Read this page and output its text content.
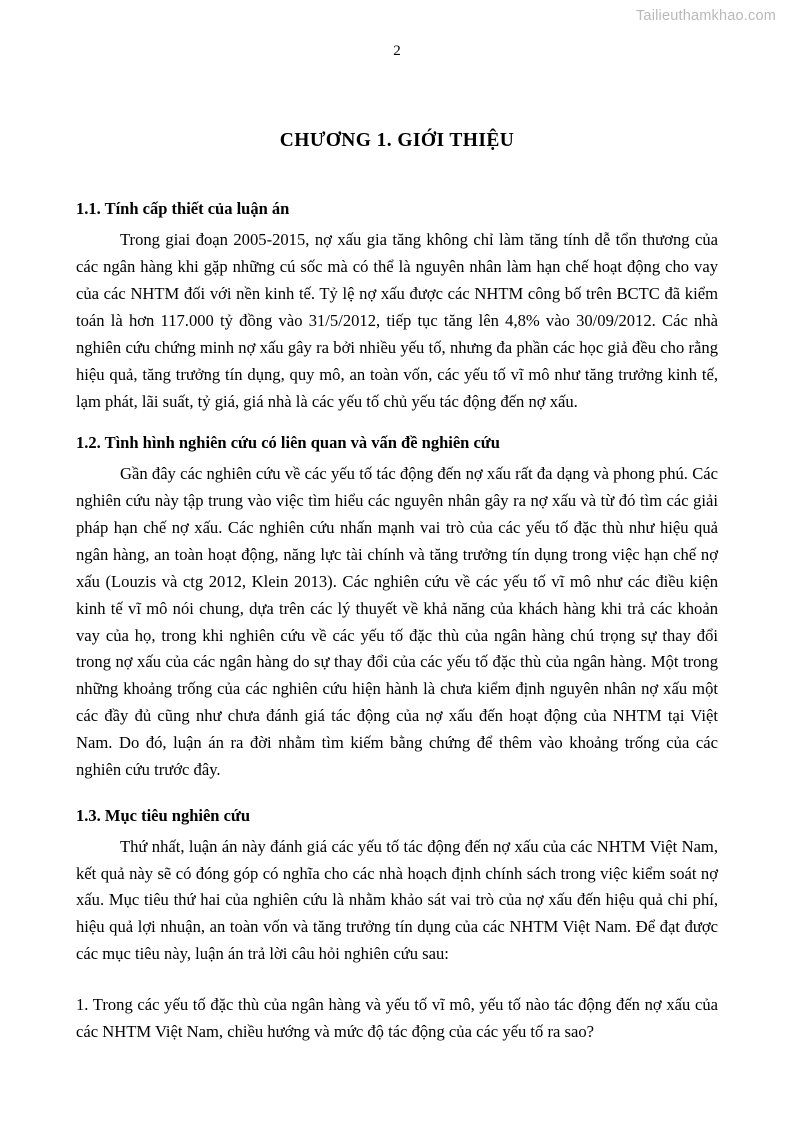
Tailieuthamkhao.com
2
CHƯƠNG 1. GIỚI THIỆU
1.1. Tính cấp thiết của luận án

Trong giai đoạn 2005-2015, nợ xấu gia tăng không chỉ làm tăng tính dễ tổn thương của các ngân hàng khi gặp những cú sốc mà có thể là nguyên nhân làm hạn chế hoạt động cho vay của các NHTM đối với nền kinh tế. Tỷ lệ nợ xấu được các NHTM công bố trên BCTC đã kiểm toán là hơn 117.000 tỷ đồng vào 31/5/2012, tiếp tục tăng lên 4,8% vào 30/09/2012. Các nhà nghiên cứu chứng minh nợ xấu gây ra bởi nhiều yếu tố, nhưng đa phần các học giả đều cho rằng hiệu quả, tăng trưởng tín dụng, quy mô, an toàn vốn, các yếu tố vĩ mô như tăng trưởng kinh tế, lạm phát, lãi suất, tỷ giá, giá nhà là các yếu tố chủ yếu tác động đến nợ xấu.

1.2. Tình hình nghiên cứu có liên quan và vấn đề nghiên cứu

Gần đây các nghiên cứu về các yếu tố tác động đến nợ xấu rất đa dạng và phong phú. Các nghiên cứu này tập trung vào việc tìm hiểu các nguyên nhân gây ra nợ xấu và từ đó tìm các giải pháp hạn chế nợ xấu. Các nghiên cứu nhấn mạnh vai trò của các yếu tố đặc thù như hiệu quả ngân hàng, an toàn hoạt động, năng lực tài chính và tăng trưởng tín dụng trong việc hạn chế nợ xấu (Louzis và ctg 2012, Klein 2013). Các nghiên cứu về các yếu tố vĩ mô như các điều kiện kinh tế vĩ mô nói chung, dựa trên các lý thuyết về khả năng của khách hàng khi trả các khoản vay của họ, trong khi nghiên cứu về các yếu tố đặc thù của ngân hàng chú trọng sự thay đổi trong nợ xấu của các ngân hàng do sự thay đổi của các yếu tố đặc thù của ngân hàng. Một trong những khoảng trống của các nghiên cứu hiện hành là chưa kiểm định nguyên nhân nợ xấu một các đầy đủ cũng như chưa đánh giá tác động của nợ xấu đến hoạt động của NHTM tại Việt Nam. Do đó, luận án ra đời nhằm tìm kiếm bằng chứng để thêm vào khoảng trống của các nghiên cứu trước đây.

1.3. Mục tiêu nghiên cứu

Thứ nhất, luận án này đánh giá các yếu tố tác động đến nợ xấu của các NHTM Việt Nam, kết quả này sẽ có đóng góp có nghĩa cho các nhà hoạch định chính sách trong việc kiểm soát nợ xấu. Mục tiêu thứ hai của nghiên cứu là nhằm khảo sát vai trò của nợ xấu đến hiệu quả chi phí, hiệu quả lợi nhuận, an toàn vốn và tăng trưởng tín dụng của các NHTM Việt Nam. Để đạt được các mục tiêu này, luận án trả lời câu hỏi nghiên cứu sau:

1. Trong các yếu tố đặc thù của ngân hàng và yếu tố vĩ mô, yếu tố nào tác động đến nợ xấu của các NHTM Việt Nam, chiều hướng và mức độ tác động của các yếu tố ra sao?
